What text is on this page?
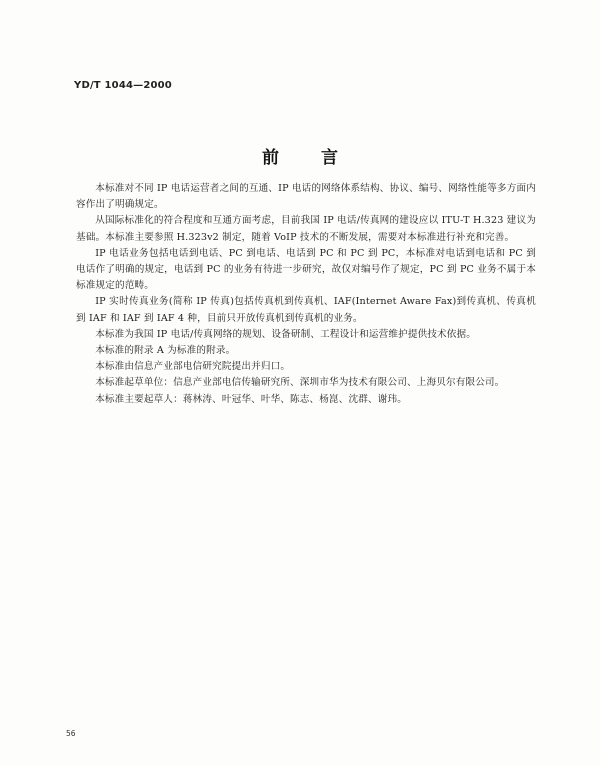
YD/T 1044—2000
前 言

本标准对不同 IP 电话运营者之间的互通、IP 电话的网络体系结构、协议、编号、网络性能等多方面内容作出了明确规定。

从国际标准化的符合程度和互通方面考虑，目前我国 IP 电话/传真网的建设应以 ITU-T H.323 建议为基础。本标准主要参照 H.323v2 制定，随着 VoIP 技术的不断发展，需要对本标准进行补充和完善。

IP 电话业务包括电话到电话、PC 到电话、电话到 PC 和 PC 到 PC，本标准对电话到电话和 PC 到电话作了明确的规定，电话到 PC 的业务有待进一步研究，故仅对编号作了规定，PC 到 PC 业务不属于本标准规定的范畴。

IP 实时传真业务(简称 IP 传真)包括传真机到传真机、IAF(Internet Aware Fax)到传真机、传真机到 IAF 和 IAF 到 IAF 4 种，目前只开放传真机到传真机的业务。

本标准为我国 IP 电话/传真网络的规划、设备研制、工程设计和运营维护提供技术依据。

本标准的附录 A 为标准的附录。

本标准由信息产业部电信研究院提出并归口。

本标准起草单位：信息产业部电信传输研究所、深圳市华为技术有限公司、上海贝尔有限公司。

本标准主要起草人：蒋林涛、叶冠华、叶华、陈志、杨崑、沈群、谢玮。

56
